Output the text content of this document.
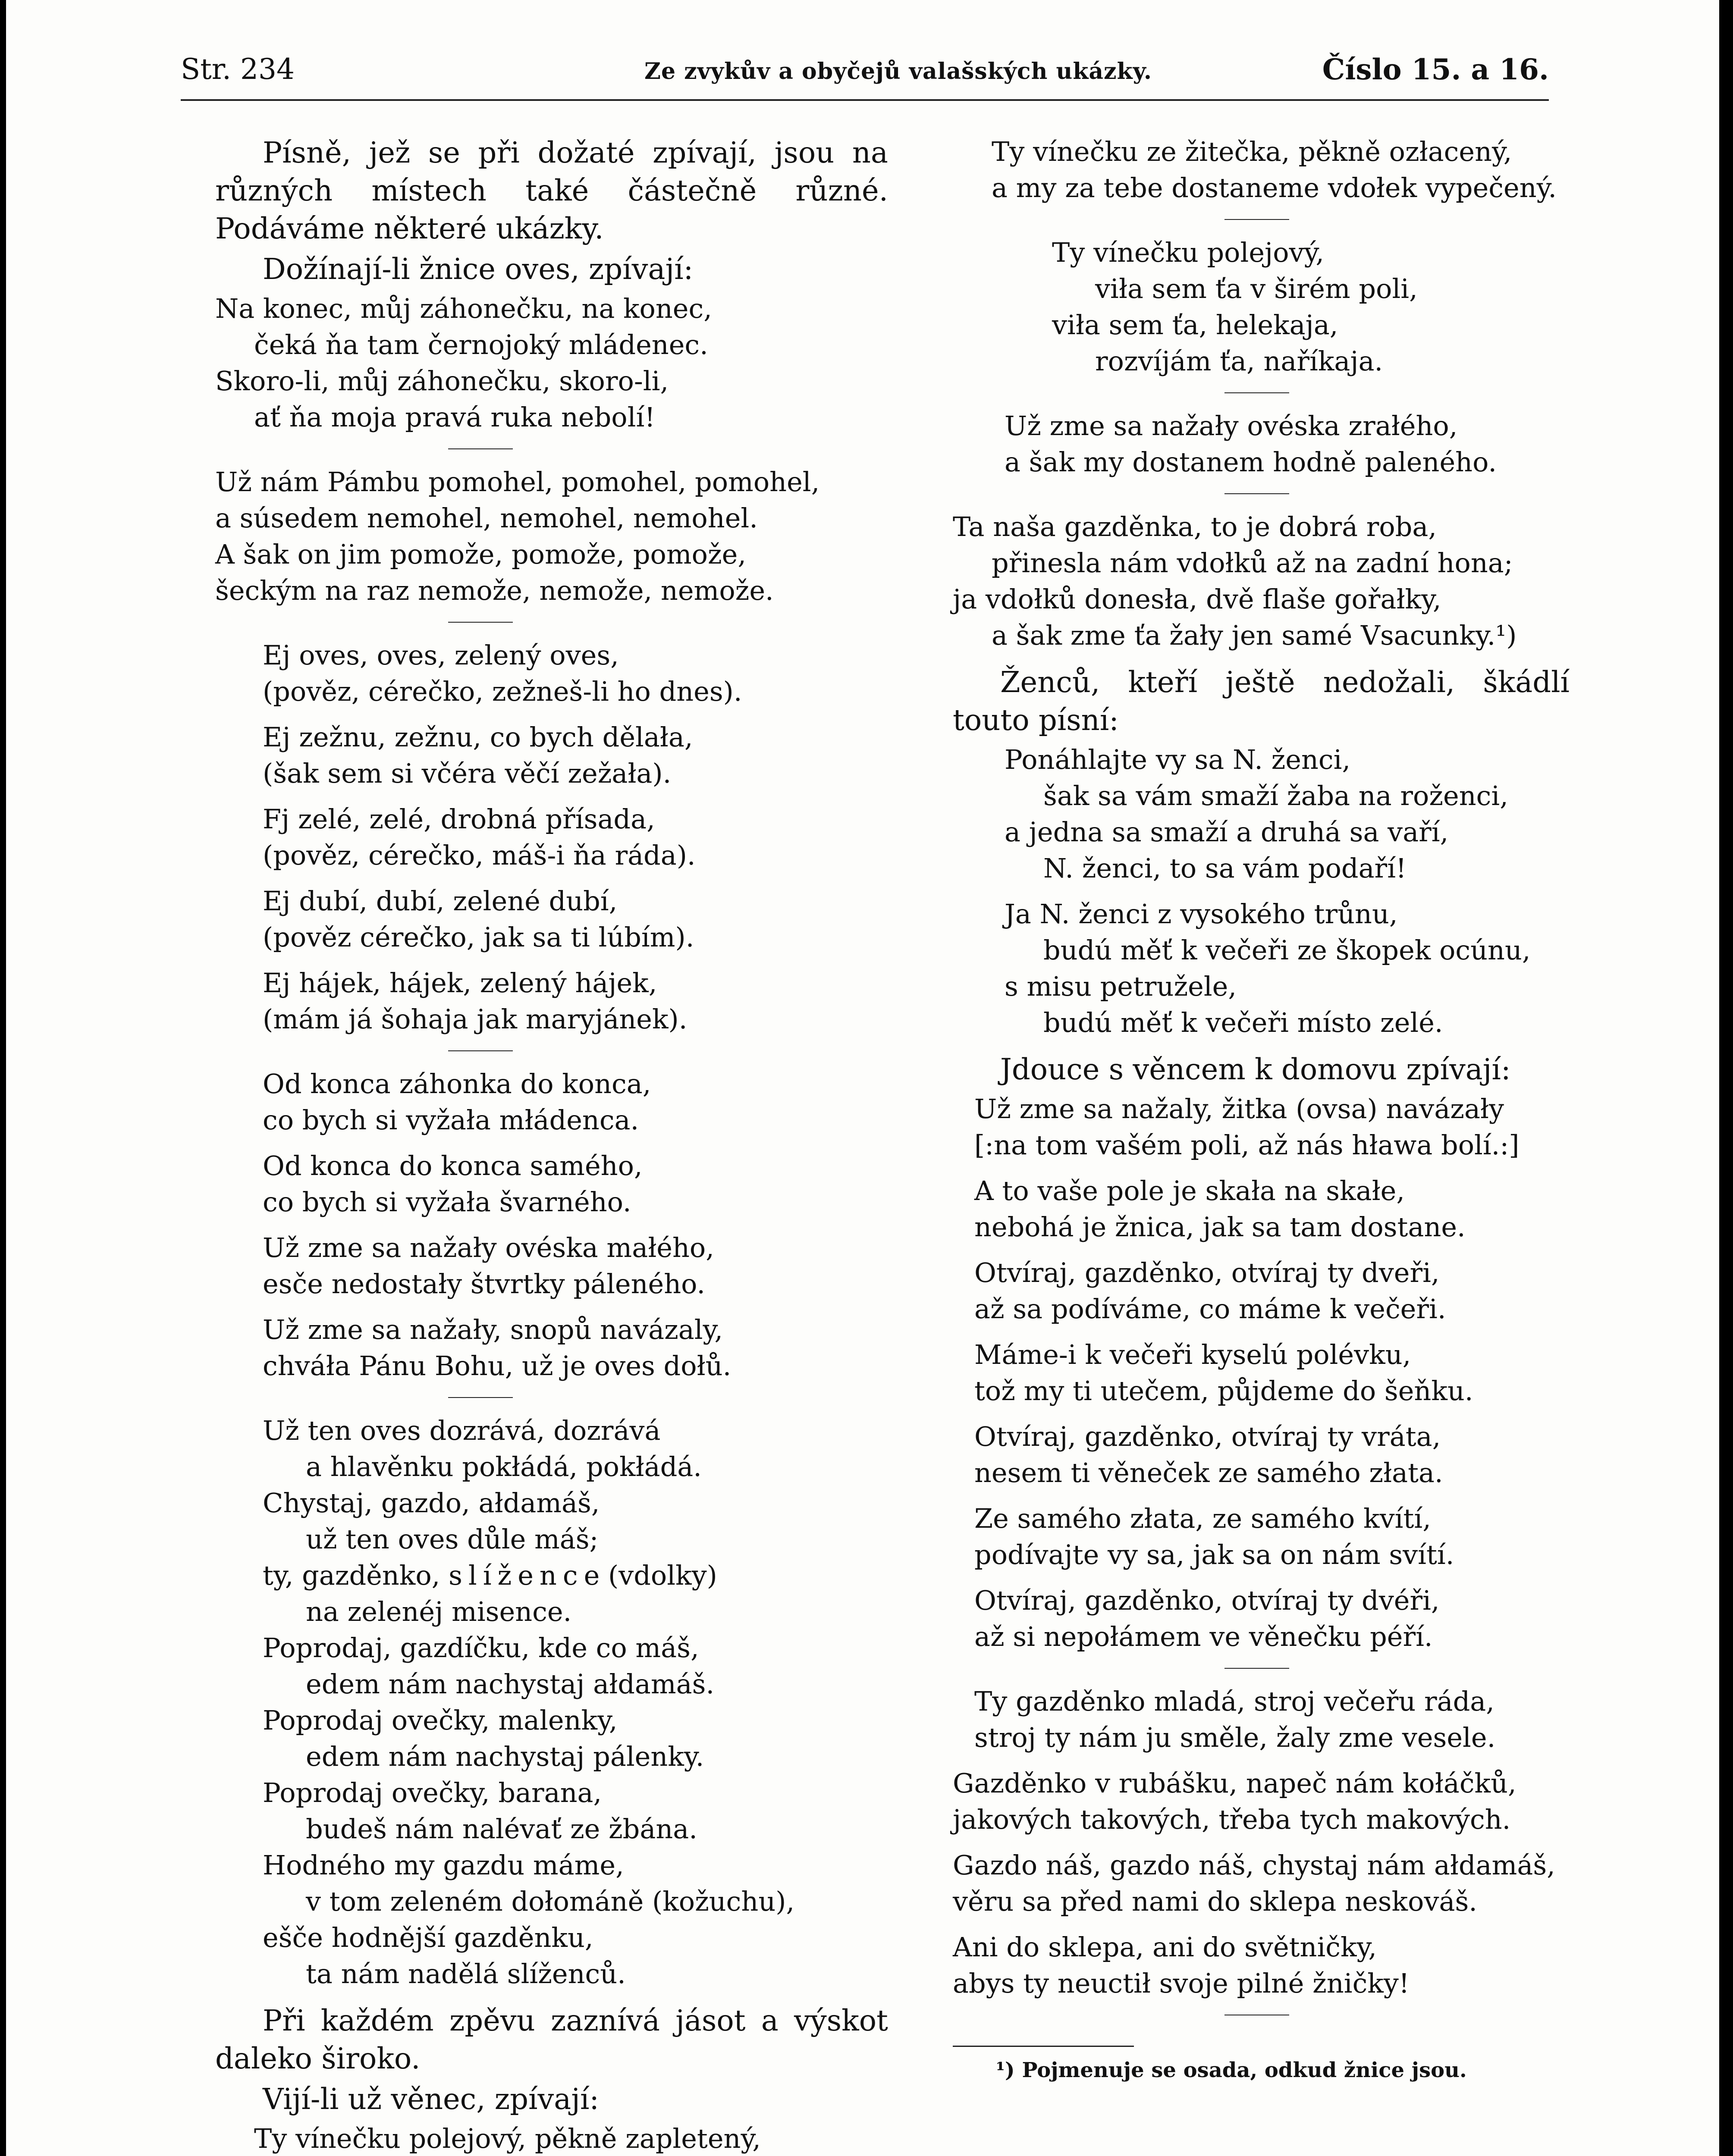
Str. 234	Ze zvykův a obyčejů valašských ukázky.	Číslo 15. a 16.
Písně, jež se při dožaté zpívají, jsou na různých místech také částečně různé. Podáváme některé ukázky.
Dožínají-li žnice oves, zpívají:
Na konec, můj záhonečku, na konec,
čeká ňa tam černojoký mládenec.
Skoro-li, můj záhonečku, skoro-li,
ať ňa moja pravá ruka nebolí!
Už nám Pámbu pomohel, pomohel, pomohel,
a súsedem nemohel, nemohel, nemohel.
A šak on jim pomože, pomože, pomože,
šeckým na raz nemože, nemože, nemože.
Ej oves, oves, zelený oves,
(pověz, cérečko, zežneš-li ho dnes).
Ej zežnu, zežnu, co bych dělała,
(šak sem si včéra věčí zežała).
Fj zelé, zelé, drobná přísada,
(pověz, cérečko, máš-i ňa ráda).
Ej dubí, dubí, zelené dubí,
(pověz cérečko, jak sa ti lúbím).
Ej hájek, hájek, zelený hájek,
(mám já šohaja jak maryjánek).
Od konca záhonka do konca,
co bych si vyžała młádenca.
Od konca do konca samého,
co bych si vyžała švarného.
Už zme sa nažały ovéska małého,
esče nedostały štvrtky páleného.
Už zme sa nažały, snopů navázaly,
chváła Pánu Bohu, už je oves dołů.
Už ten oves dozrává, dozrává
a hlavěnku pokłádá, pokłádá.
Chystaj, gazdo, ałdamáš,
už ten oves důle máš;
ty, gazděnko, slížence (vdolky)
na zelenéj misence.
Poprodaj, gazdíčku, kde co máš,
edem nám nachystaj ałdamáš.
Poprodaj ovečky, malenky,
edem nám nachystaj pálenky.
Poprodaj ovečky, barana,
budeš nám nalévať ze žbána.
Hodného my gazdu máme,
v tom zeleném dołománě (kožuchu),
ešče hodnější gazděnku,
ta nám nadělá slíženců.
Při každém zpěvu zaznívá jásot a výskot daleko široko.
Vijí-li už věnec, zpívají:
Ty vínečku polejový, pěkně zapletený,
Ty vínečku ze žitečka, pěkně ozłacený,
a my za tebe dostaneme vdołek vypečený.
Ty vínečku polejový,
viła sem ťa v širém poli,
viła sem ťa, helekaja,
rozvíjám ťa, naříkaja.
Už zme sa nažały ovéska zrałého,
a šak my dostanem hodně paleného.
Ta naša gazděnka, to je dobrá roba,
přinesla nám vdołků až na zadní hona;
ja vdołků donesła, dvě flaše gořałky,
a šak zme ťa žały jen samé Vsacunky.¹)
Ženců, kteří ještě nedožali, škádlí touto písní:
Ponáhlajte vy sa N. ženci,
šak sa vám smaží žaba na roženci,
a jedna sa smaží a druhá sa vaří,
N. ženci, to sa vám podaří!
Ja N. ženci z vysokého trůnu,
budú měť k večeři ze škopek ocúnu,
s misu petruželе,
budú měť k večeři místo zelé.
Jdouce s věncem k domovu zpívají:
Už zme sa nažaly, žitka (ovsa) navázały
[:na tom vašém poli, až nás hława bolí.:]
A to vaše pole je skała na skałe,
nebohá je žnica, jak sa tam dostane.
Otvíraj, gazděnko, otvíraj ty dveři,
až sa podíváme, co máme k večeři.
Máme-i k večeři kyselú polévku,
tož my ti utečem, půjdeme do šeňku.
Otvíraj, gazděnko, otvíraj ty vráta,
nesem ti věneček ze samého złata.
Ze samého złata, ze samého kvítí,
podívajte vy sa, jak sa on nám svítí.
Otvíraj, gazděnko, otvíraj ty dvéři,
až si nepołámem ve věnečku péří.
Ty gazděnko mladá, stroj večeřu ráda,
stroj ty nám ju směle, žaly zme vesele.
Gazděnko v rubášku, napeč nám kołáčků,
jakových takových, třeba tych makových.
Gazdo náš, gazdo náš, chystaj nám ałdamáš,
věru sa před nami do sklepa neskováš.
Ani do sklepa, ani do světničky,
abys ty neuctił svoje pilné žničky!
¹) Pojmenuje se osada, odkud žnice jsou.
